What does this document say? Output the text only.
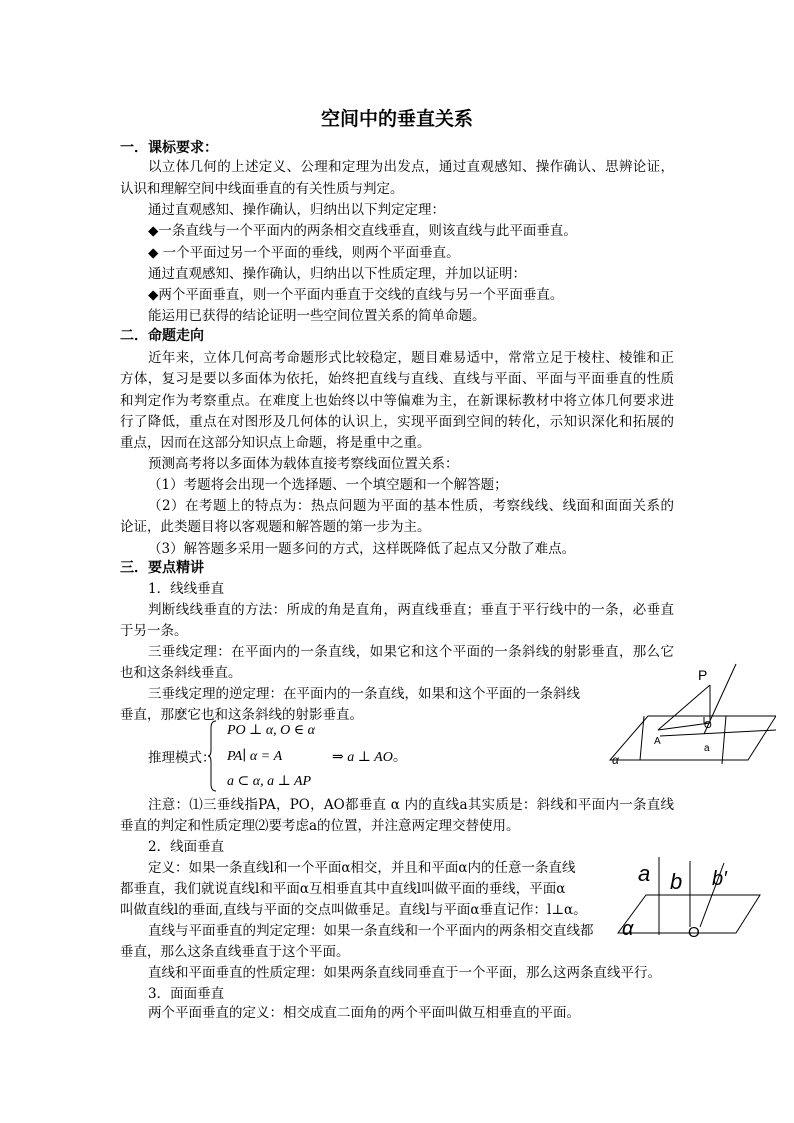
空间中的垂直关系
一．课标要求：
以立体几何的上述定义、公理和定理为出发点，通过直观感知、操作确认、思辨论证，
认识和理解空间中线面垂直的有关性质与判定。
通过直观感知、操作确认，归纳出以下判定定理：
◆一条直线与一个平面内的两条相交直线垂直，则该直线与此平面垂直。
◆ 一个平面过另一个平面的垂线，则两个平面垂直。
通过直观感知、操作确认，归纳出以下性质定理，并加以证明：
◆两个平面垂直，则一个平面内垂直于交线的直线与另一个平面垂直。
能运用已获得的结论证明一些空间位置关系的简单命题。
二．命题走向
近年来，立体几何高考命题形式比较稳定，题目难易适中，常常立足于棱柱、棱锥和正
方体，复习是要以多面体为依托，始终把直线与直线、直线与平面、平面与平面垂直的性质
和判定作为考察重点。在难度上也始终以中等偏难为主，在新课标教材中将立体几何要求进
行了降低，重点在对图形及几何体的认识上，实现平面到空间的转化，示知识深化和拓展的
重点，因而在这部分知识点上命题，将是重中之重。
预测高考将以多面体为载体直接考察线面位置关系：
（1）考题将会出现一个选择题、一个填空题和一个解答题；
（2）在考题上的特点为：热点问题为平面的基本性质，考察线线、线面和面面关系的
论证，此类题目将以客观题和解答题的第一步为主。
（3）解答题多采用一题多问的方式，这样既降低了起点又分散了难点。
三．要点精讲
1．线线垂直
判断线线垂直的方法：所成的角是直角，两直线垂直；垂直于平行线中的一条，必垂直
于另一条。
三垂线定理：在平面内的一条直线，如果它和这个平面的一条斜线的射影垂直，那么它
也和这条斜线垂直。
三垂线定理的逆定理：在平面内的一条直线，如果和这个平面的一条斜线
垂直，那麽它也和这条斜线的射影垂直。
推理模式：
PO ⊥ α, O ∈ α
PA∣ α = A
a ⊂ α, a ⊥ AP
⇒ a ⊥ AO。
P
O
A
a
α
注意：⑴三垂线指PA，PO，AO都垂直 α 内的直线a其实质是：斜线和平面内一条直线
垂直的判定和性质定理⑵要考虑a的位置，并注意两定理交替使用。
2．线面垂直
定义：如果一条直线l和一个平面α相交，并且和平面α内的任意一条直线
都垂直，我们就说直线l和平面α互相垂直其中直线l叫做平面的垂线，平面α
叫做直线l的垂面,直线与平面的交点叫做垂足。直线l与平面α垂直记作：l⊥α。
直线与平面垂直的判定定理：如果一条直线和一个平面内的两条相交直线都
垂直，那么这条直线垂直于这个平面。
a b b′
O
α
直线和平面垂直的性质定理：如果两条直线同垂直于一个平面，那么这两条直线平行。
3．面面垂直
两个平面垂直的定义：相交成直二面角的两个平面叫做互相垂直的平面。
